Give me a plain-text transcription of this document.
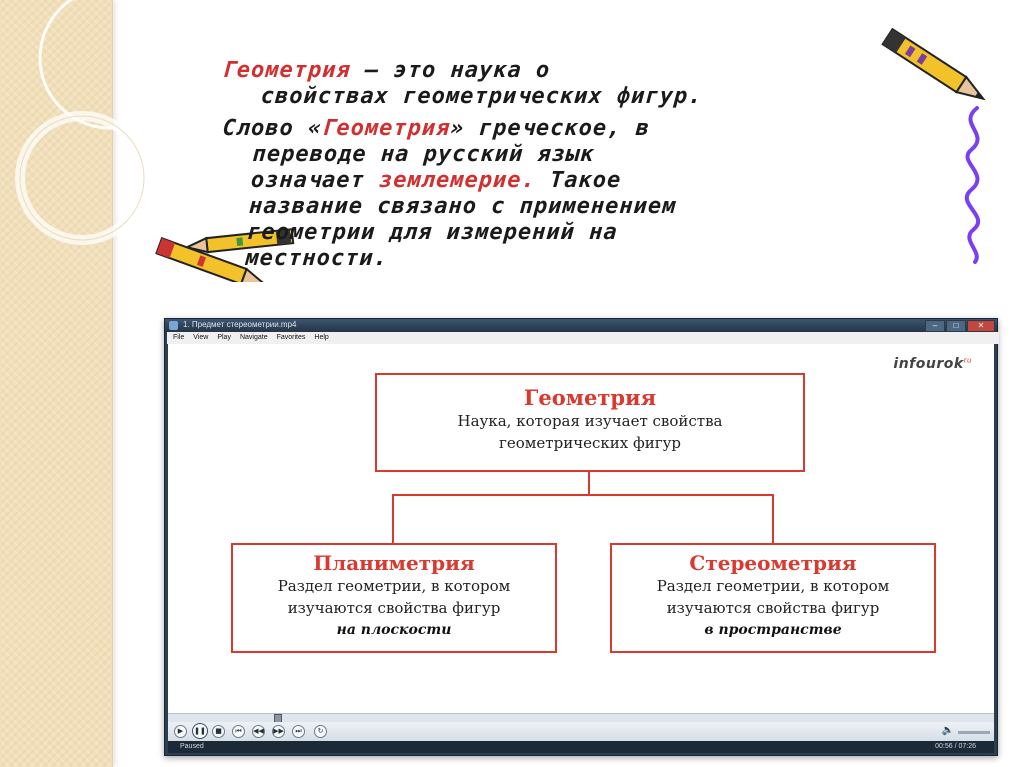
Геометрия – это наука о
свойствах геометрических фигур.
Слово «Геометрия» греческое, в
переводе на русский язык
означает землемерие. Такое
название связано с применением
геометрии для измерений на
местности.
1. Предмет стереометрии.mp4	–	□	✕
File View Play Navigate Favorites Help
infourok$^{ru}$
Геометрия
Наука, которая изучает свойства
геометрических фигур
Планиметрия
Раздел геометрии, в котором
изучаются свойства фигур
на плоскости
Стереометрия
Раздел геометрии, в котором
изучаются свойства фигур
в пространстве
▶	❚❚	■	⏮	◀◀ ▶▶	⏭	↻	🔈
Paused	00:56 / 07:26
